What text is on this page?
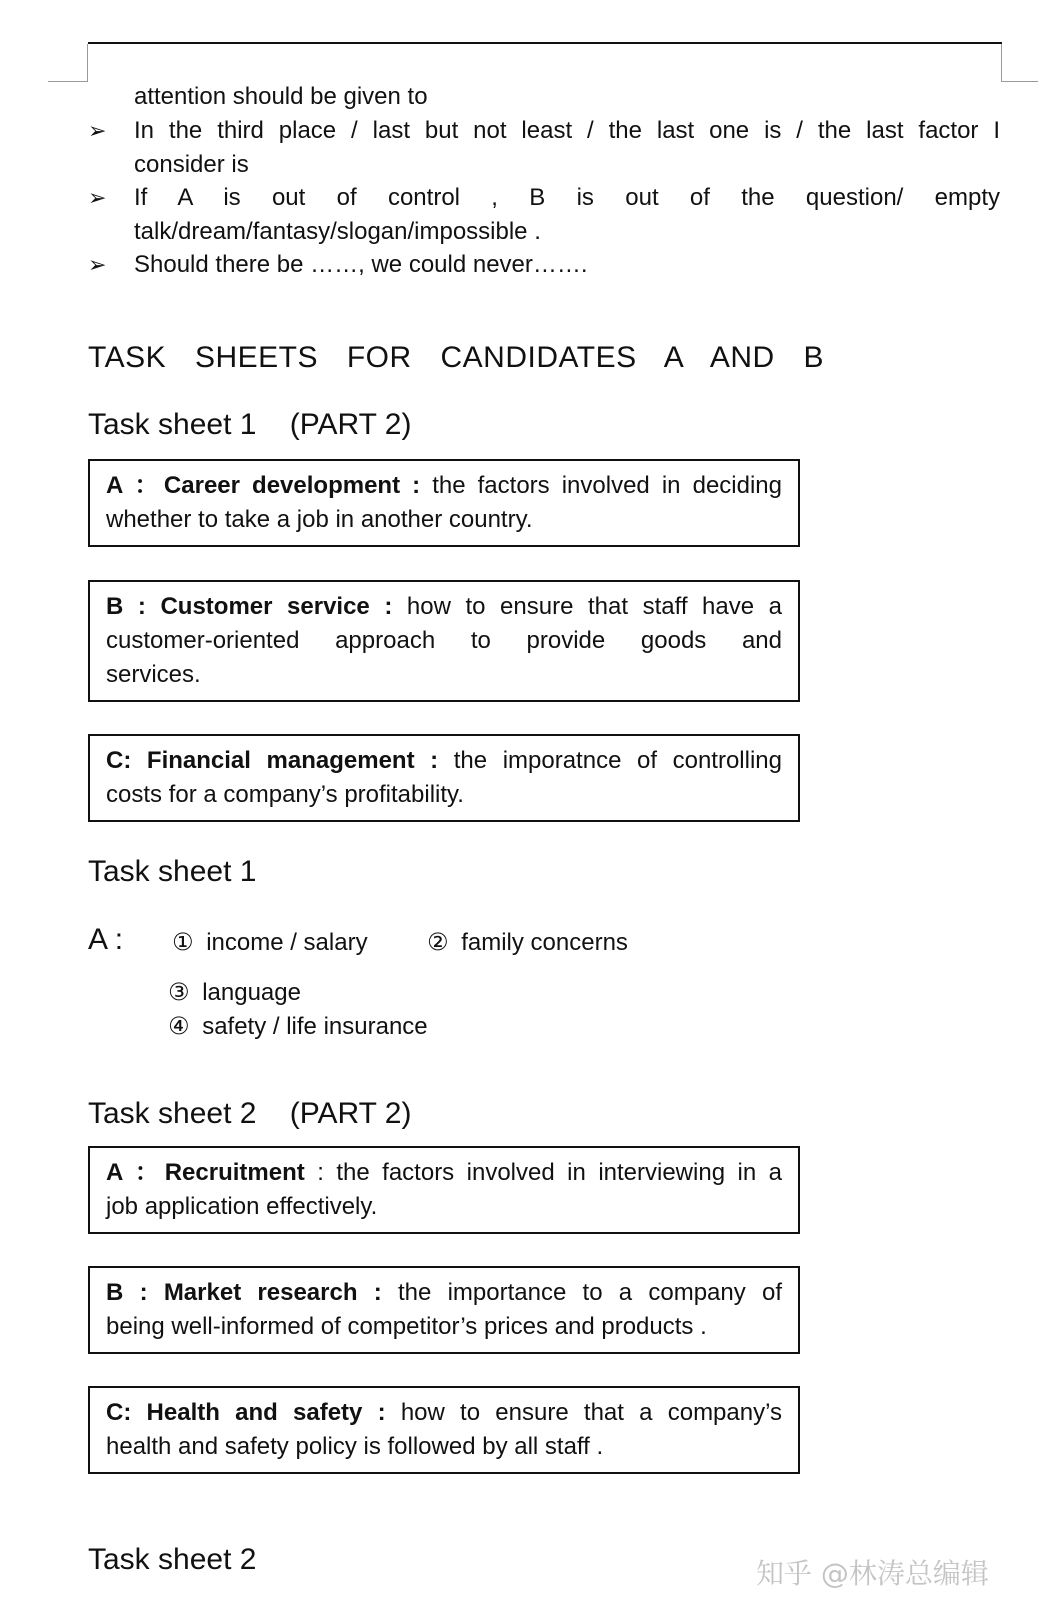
attention should be given to
➢ In the third place / last but not least / the last one is / the last factor I
consider is
➢ If A is out of control , B is out of the question/ empty
talk/dream/fantasy/slogan/impossible .
➢ Should there be ……, we could never…….
TASK SHEETS FOR CANDIDATES A AND B
Task sheet 1    (PART 2)

A ：Career development : the factors involved in deciding

whether to take a job in another country.

B : Customer service : how to ensure that staff have a

customer-oriented approach to provide goods and

services.

C: Financial management : the imporatnce of controlling

costs for a company’s profitability.

Task sheet 1
A : ① income / salary ② family concerns
③ language
④ safety / life insurance
Task sheet 2    (PART 2)

A ：Recruitment : the factors involved in interviewing in a

job application effectively.

B : Market research : the importance to a company of

being well-informed of competitor’s prices and products .

C: Health and safety : how to ensure that a company’s

health and safety policy is followed by all staff .

Task sheet 2	知乎 @林涛总编辑
